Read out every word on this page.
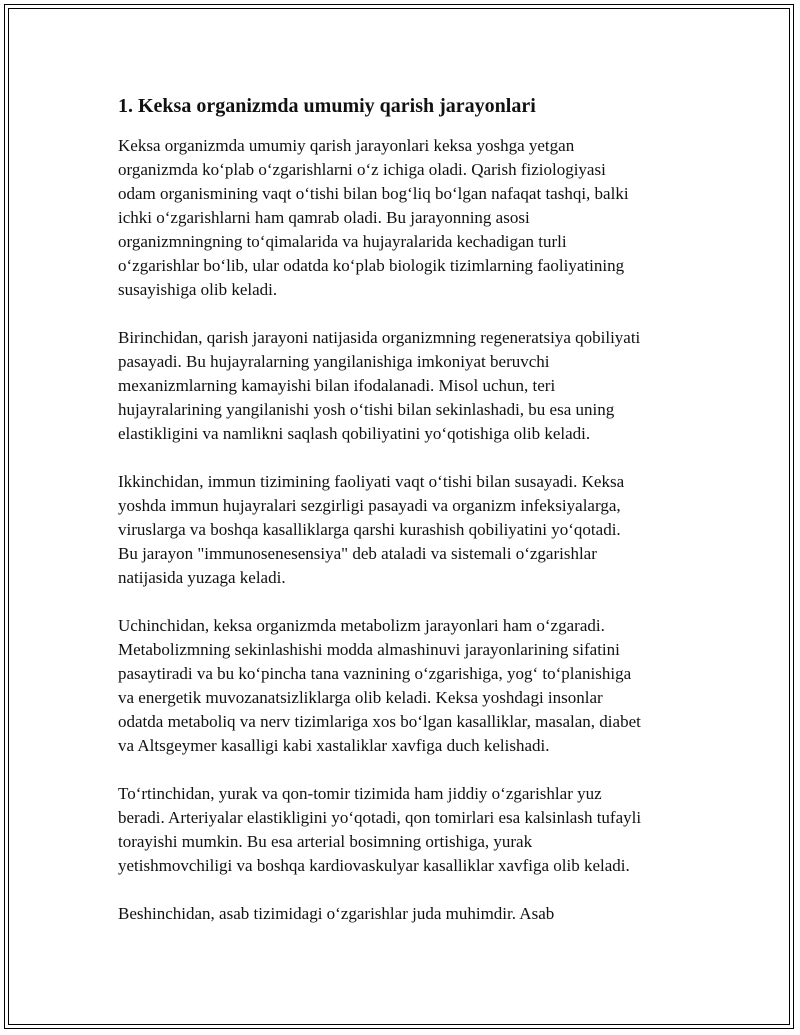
1. Keksa organizmda umumiy qarish jarayonlari

Keksa organizmda umumiy qarish jarayonlari keksa yoshga yetgan
organizmda koʻplab oʻzgarishlarni oʻz ichiga oladi. Qarish fiziologiyasi
odam organismining vaqt oʻtishi bilan bogʻliq boʻlgan nafaqat tashqi, balki
ichki oʻzgarishlarni ham qamrab oladi. Bu jarayonning asosi
organizmningning toʻqimalarida va hujayralarida kechadigan turli
oʻzgarishlar boʻlib, ular odatda koʻplab biologik tizimlarning faoliyatining
susayishiga olib keladi.

Birinchidan, qarish jarayoni natijasida organizmning regeneratsiya qobiliyati
pasayadi. Bu hujayralarning yangilanishiga imkoniyat beruvchi
mexanizmlarning kamayishi bilan ifodalanadi. Misol uchun, teri
hujayralarining yangilanishi yosh oʻtishi bilan sekinlashadi, bu esa uning
elastikligini va namlikni saqlash qobiliyatini yoʻqotishiga olib keladi.

Ikkinchidan, immun tizimining faoliyati vaqt oʻtishi bilan susayadi. Keksa
yoshda immun hujayralari sezgirligi pasayadi va organizm infeksiyalarga,
viruslarga va boshqa kasalliklarga qarshi kurashish qobiliyatini yoʻqotadi.
Bu jarayon "immunosenesensiya" deb ataladi va sistemali oʻzgarishlar
natijasida yuzaga keladi.

Uchinchidan, keksa organizmda metabolizm jarayonlari ham oʻzgaradi.
Metabolizmning sekinlashishi modda almashinuvi jarayonlarining sifatini
pasaytiradi va bu koʻpincha tana vaznining oʻzgarishiga, yogʻ toʻplanishiga
va energetik muvozanatsizliklarga olib keladi. Keksa yoshdagi insonlar
odatda metaboliq va nerv tizimlariga xos boʻlgan kasalliklar, masalan, diabet
va Altsgeymer kasalligi kabi xastaliklar xavfiga duch kelishadi.

Toʻrtinchidan, yurak va qon-tomir tizimida ham jiddiy oʻzgarishlar yuz
beradi. Arteriyalar elastikligini yoʻqotadi, qon tomirlari esa kalsinlash tufayli
torayishi mumkin. Bu esa arterial bosimning ortishiga, yurak
yetishmovchiligi va boshqa kardiovaskulyar kasalliklar xavfiga olib keladi.

Beshinchidan, asab tizimidagi oʻzgarishlar juda muhimdir. Asab
